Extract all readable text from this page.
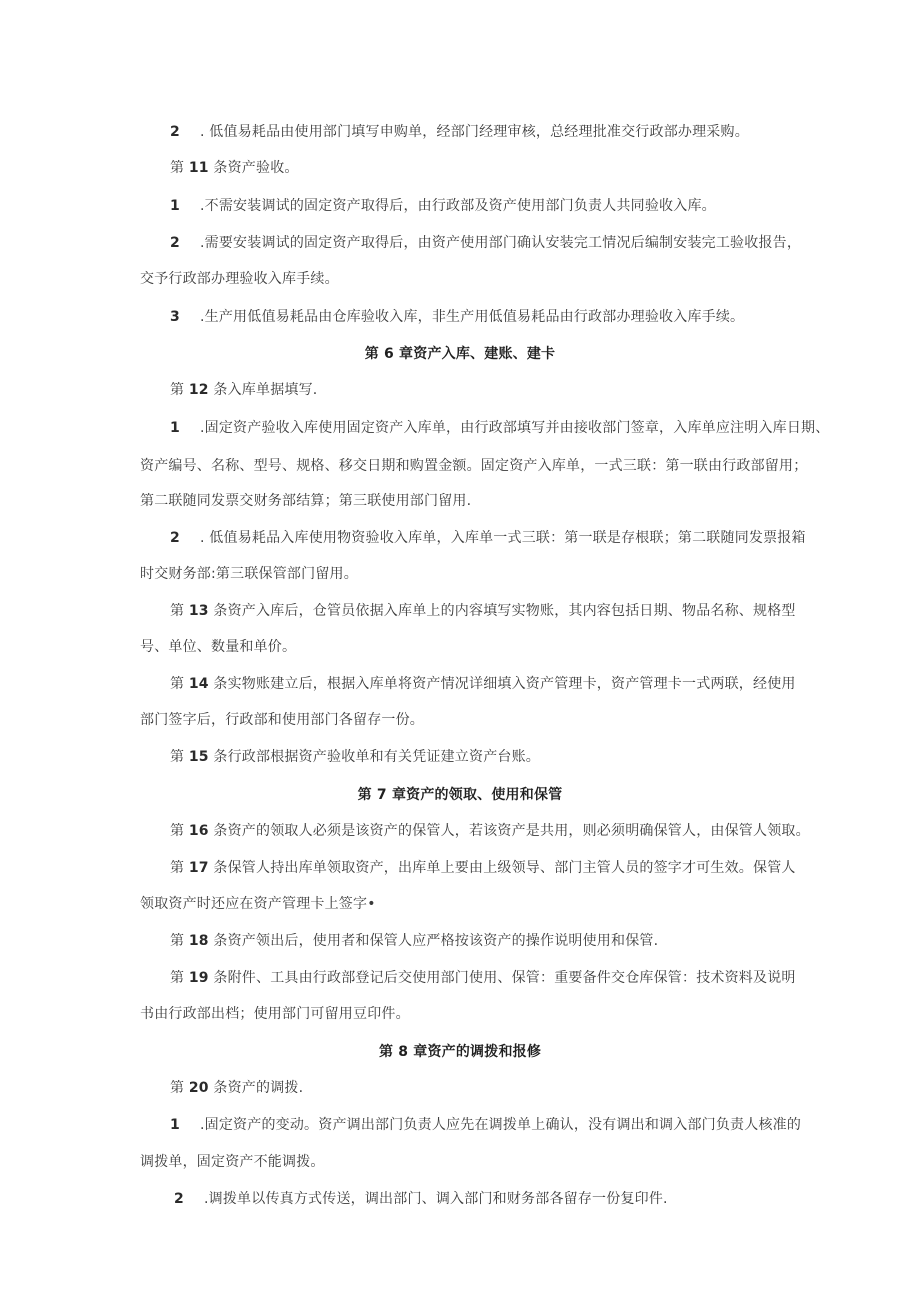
2 . 低值易耗品由使用部门填写申购单，经部门经理审核，总经理批准交行政部办理采购。
第 11 条资产验收。
1 .不需安装调试的固定资产取得后，由行政部及资产使用部门负责人共同验收入库。
2 .需要安装调试的固定资产取得后，由资产使用部门确认安装完工情况后编制安装完工验收报告，
交予行政部办理验收入库手续。
3 .生产用低值易耗品由仓库验收入库，非生产用低值易耗品由行政部办理验收入库手续。
第 6 章资产入库、建账、建卡
第 12 条入库单据填写.
1 .固定资产验收入库使用固定资产入库单，由行政部填写并由接收部门签章，入库单应注明入库日期、
资产编号、名称、型号、规格、移交日期和购置金额。固定资产入库单，一式三联：第一联由行政部留用；
第二联随同发票交财务部结算；第三联使用部门留用.
2 . 低值易耗品入库使用物资验收入库单，入库单一式三联：第一联是存根联；第二联随同发票报箱
时交财务部:第三联保管部门留用。
第 13 条资产入库后，仓管员依据入库单上的内容填写实物账，其内容包括日期、物品名称、规格型
号、单位、数量和单价。
第 14 条实物账建立后，根据入库单将资产情况详细填入资产管理卡，资产管理卡一式两联，经使用
部门签字后，行政部和使用部门各留存一份。
第 15 条行政部根据资产验收单和有关凭证建立资产台账。
第 7 章资产的领取、使用和保管
第 16 条资产的领取人必须是该资产的保管人，若该资产是共用，则必须明确保管人，由保管人领取。
第 17 条保管人持出库单领取资产，出库单上要由上级领导、部门主管人员的签字才可生效。保管人
领取资产时还应在资产管理卡上签字•
第 18 条资产领出后，使用者和保管人应严格按该资产的操作说明使用和保管.
第 19 条附件、工具由行政部登记后交使用部门使用、保管：重要备件交仓库保管：技术资料及说明
书由行政部出档；使用部门可留用豆印件。
第 8 章资产的调拨和报修
第 20 条资产的调拨.
1 .固定资产的变动。资产调出部门负责人应先在调拨单上确认，没有调出和调入部门负责人核准的
调拨单，固定资产不能调拨。
2 .调拨单以传真方式传送，调出部门、调入部门和财务部各留存一份复印件.
